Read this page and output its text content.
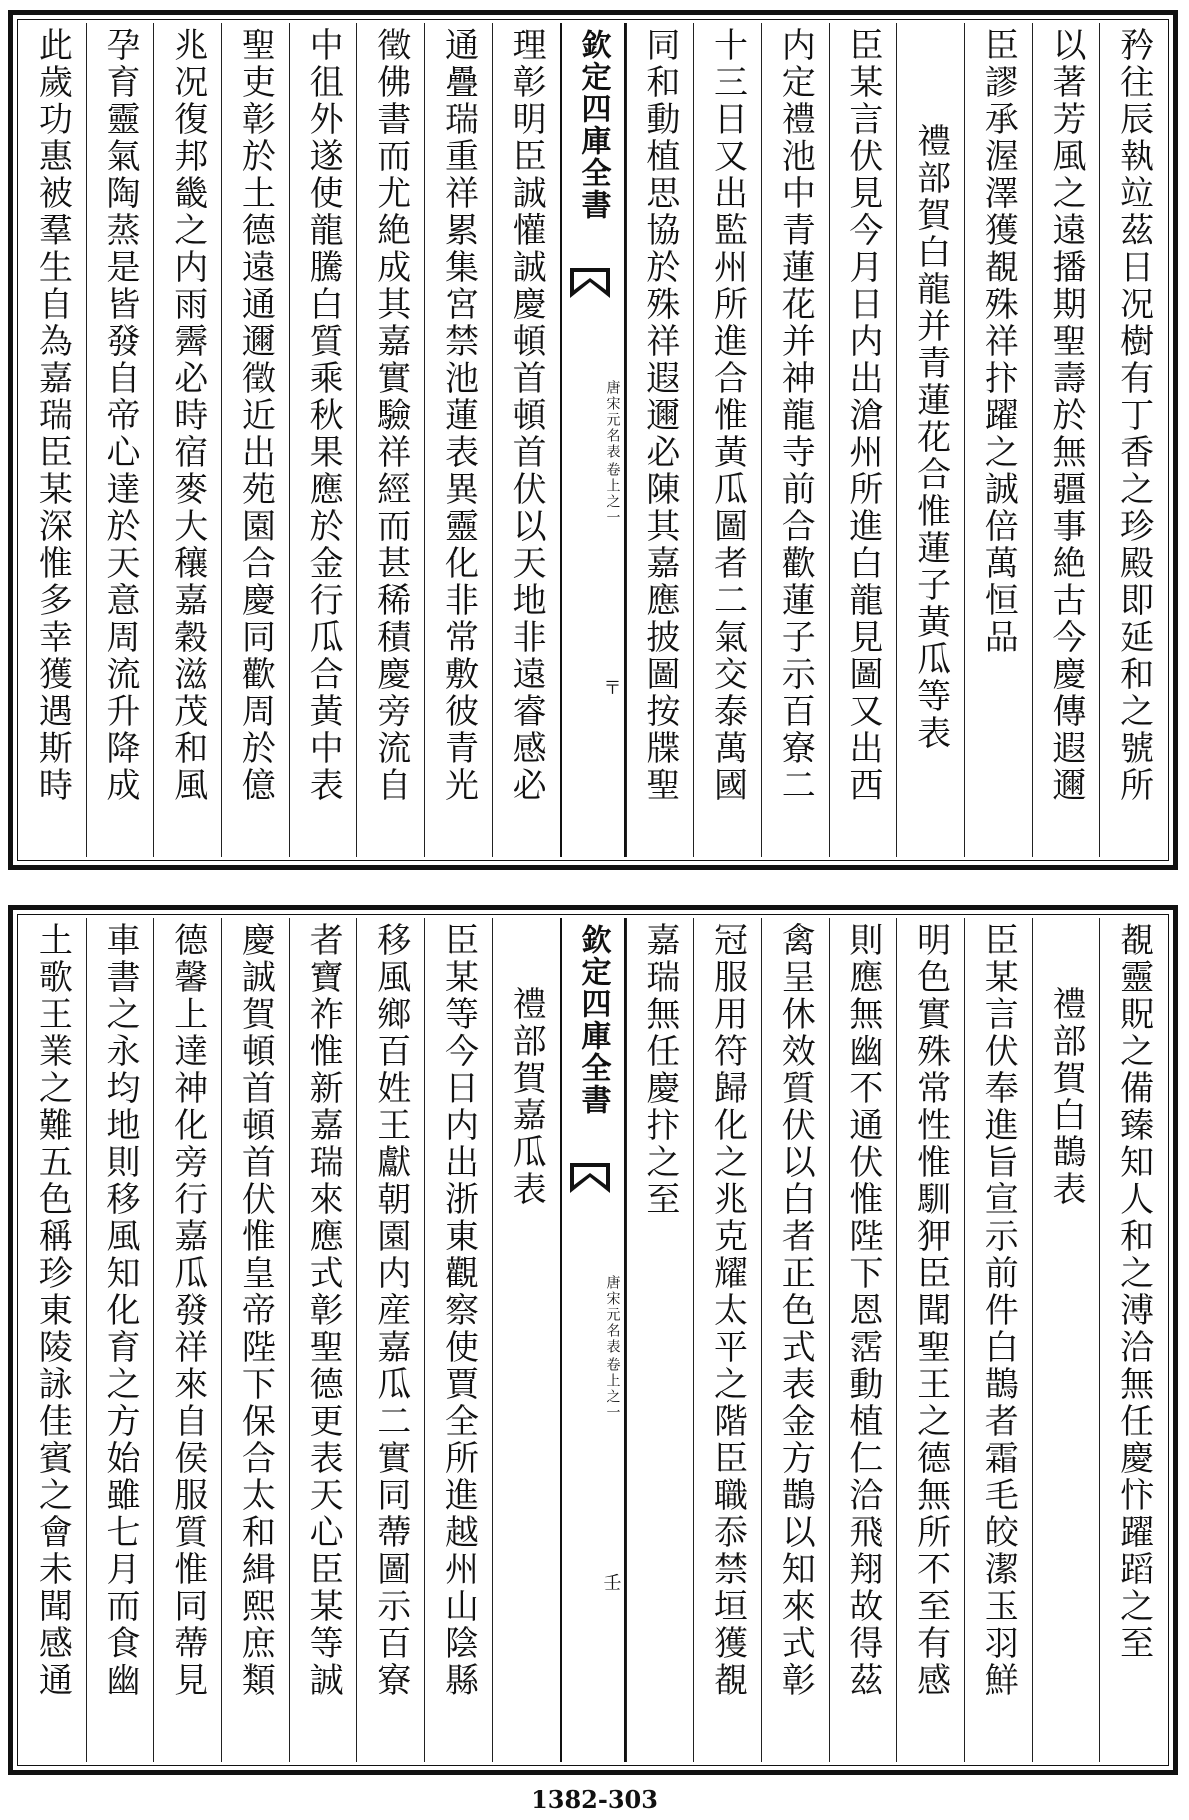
矜往辰執竝茲日况樹有丁香之珍殿即延和之號所
以著芳風之遠播期聖壽於無疆事絶古今慶傳遐邇
臣謬承渥澤獲覩殊祥抃躍之誠倍萬恒品
禮部賀白龍并青蓮花合惟蓮子黃瓜等表
臣某言伏見今月日内出滄州所進白龍見圖又出西
内定禮池中青蓮花并神龍寺前合歡蓮子示百寮二
十三日又出監州所進合惟黃瓜圖者二氣交泰萬國
同和動植思協於殊祥遐邇必陳其嘉應披圖按牒聖
欽定四庫全書
唐宋元名表
卷上之一
〒
理彰明臣誠懽誠慶頓首頓首伏以天地非遠睿感必
通疊瑞重祥累集宮禁池蓮表異靈化非常敷彼青光
徵佛書而尤絶成其嘉實驗祥經而甚稀積慶旁流自
中徂外遂使龍騰白質乘秋果應於金行瓜合黃中表
聖吏彰於土德遠通邇徵近出苑園合慶同歡周於億
兆况復邦畿之内雨霽必時宿麥大穰嘉穀滋茂和風
孕育靈氣陶蒸是皆發自帝心達於天意周流升降成
此歲功惠被羣生自為嘉瑞臣某深惟多幸獲遇斯時
覩靈貺之備臻知人和之溥洽無任慶忭躍蹈之至
禮部賀白鵲表
臣某言伏奉進旨宣示前件白鵲者霜毛皎潔玉羽鮮
明色實殊常性惟馴狎臣聞聖王之德無所不至有感
則應無幽不通伏惟陛下恩霑動植仁洽飛翔故得茲
禽呈休效質伏以白者正色式表金方鵲以知來式彰
冠服用符歸化之兆克耀太平之階臣職忝禁垣獲覩
嘉瑞無任慶抃之至
欽定四庫全書
唐宋元名表
卷上之一
壬
禮部賀嘉瓜表
臣某等今日内出浙東觀察使賈全所進越州山陰縣
移風鄉百姓王獻朝園内産嘉瓜二實同蔕圖示百寮
者寶祚惟新嘉瑞來應式彰聖德更表天心臣某等誠
慶誠賀頓首頓首伏惟皇帝陛下保合太和緝熙庶類
德馨上達神化旁行嘉瓜發祥來自侯服質惟同蔕見
車書之永均地則移風知化育之方始雖七月而食幽
土歌王業之難五色稱珍東陵詠佳賓之會未聞感通
1382-303
